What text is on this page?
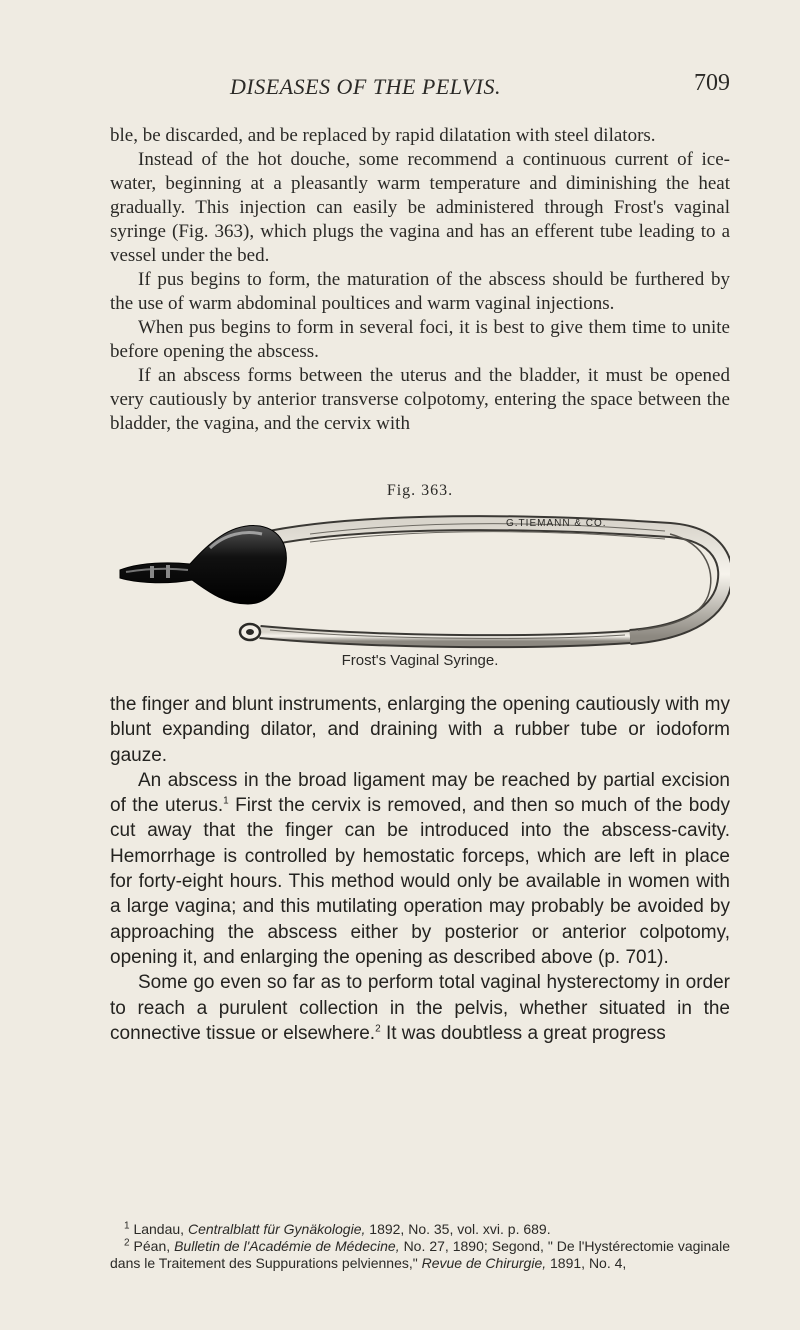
DISEASES OF THE PELVIS.	709

ble, be discarded, and be replaced by rapid dilatation with steel dilators.

Instead of the hot douche, some recommend a continuous current of ice-water, beginning at a pleasantly warm temperature and diminishing the heat gradually. This injection can easily be administered through Frost's vaginal syringe (Fig. 363), which plugs the vagina and has an efferent tube leading to a vessel under the bed.

If pus begins to form, the maturation of the abscess should be furthered by the use of warm abdominal poultices and warm vaginal injections.

When pus begins to form in several foci, it is best to give them time to unite before opening the abscess.

If an abscess forms between the uterus and the bladder, it must be opened very cautiously by anterior transverse colpotomy, entering the space between the bladder, the vagina, and the cervix with

Fig. 363.
G.TIEMANN & CO.
Frost's Vaginal Syringe.

the finger and blunt instruments, enlarging the opening cautiously with my blunt expanding dilator, and draining with a rubber tube or iodoform gauze.

An abscess in the broad ligament may be reached by partial excision of the uterus.$^1$ First the cervix is removed, and then so much of the body cut away that the finger can be introduced into the abscess-cavity. Hemorrhage is controlled by hemostatic forceps, which are left in place for forty-eight hours. This method would only be available in women with a large vagina; and this mutilating operation may probably be avoided by approaching the abscess either by posterior or anterior colpotomy, opening it, and enlarging the opening as described above (p. 701).

Some go even so far as to perform total vaginal hysterectomy in order to reach a purulent collection in the pelvis, whether situated in the connective tissue or elsewhere.$^2$ It was doubtless a great progress

$^1$ Landau, Centralblatt für Gynäkologie, 1892, No. 35, vol. xvi. p. 689.

$^2$ Péan, Bulletin de l'Académie de Médecine, No. 27, 1890; Segond, " De l'Hystérectomie vaginale dans le Traitement des Suppurations pelviennes," Revue de Chirurgie, 1891, No. 4,
